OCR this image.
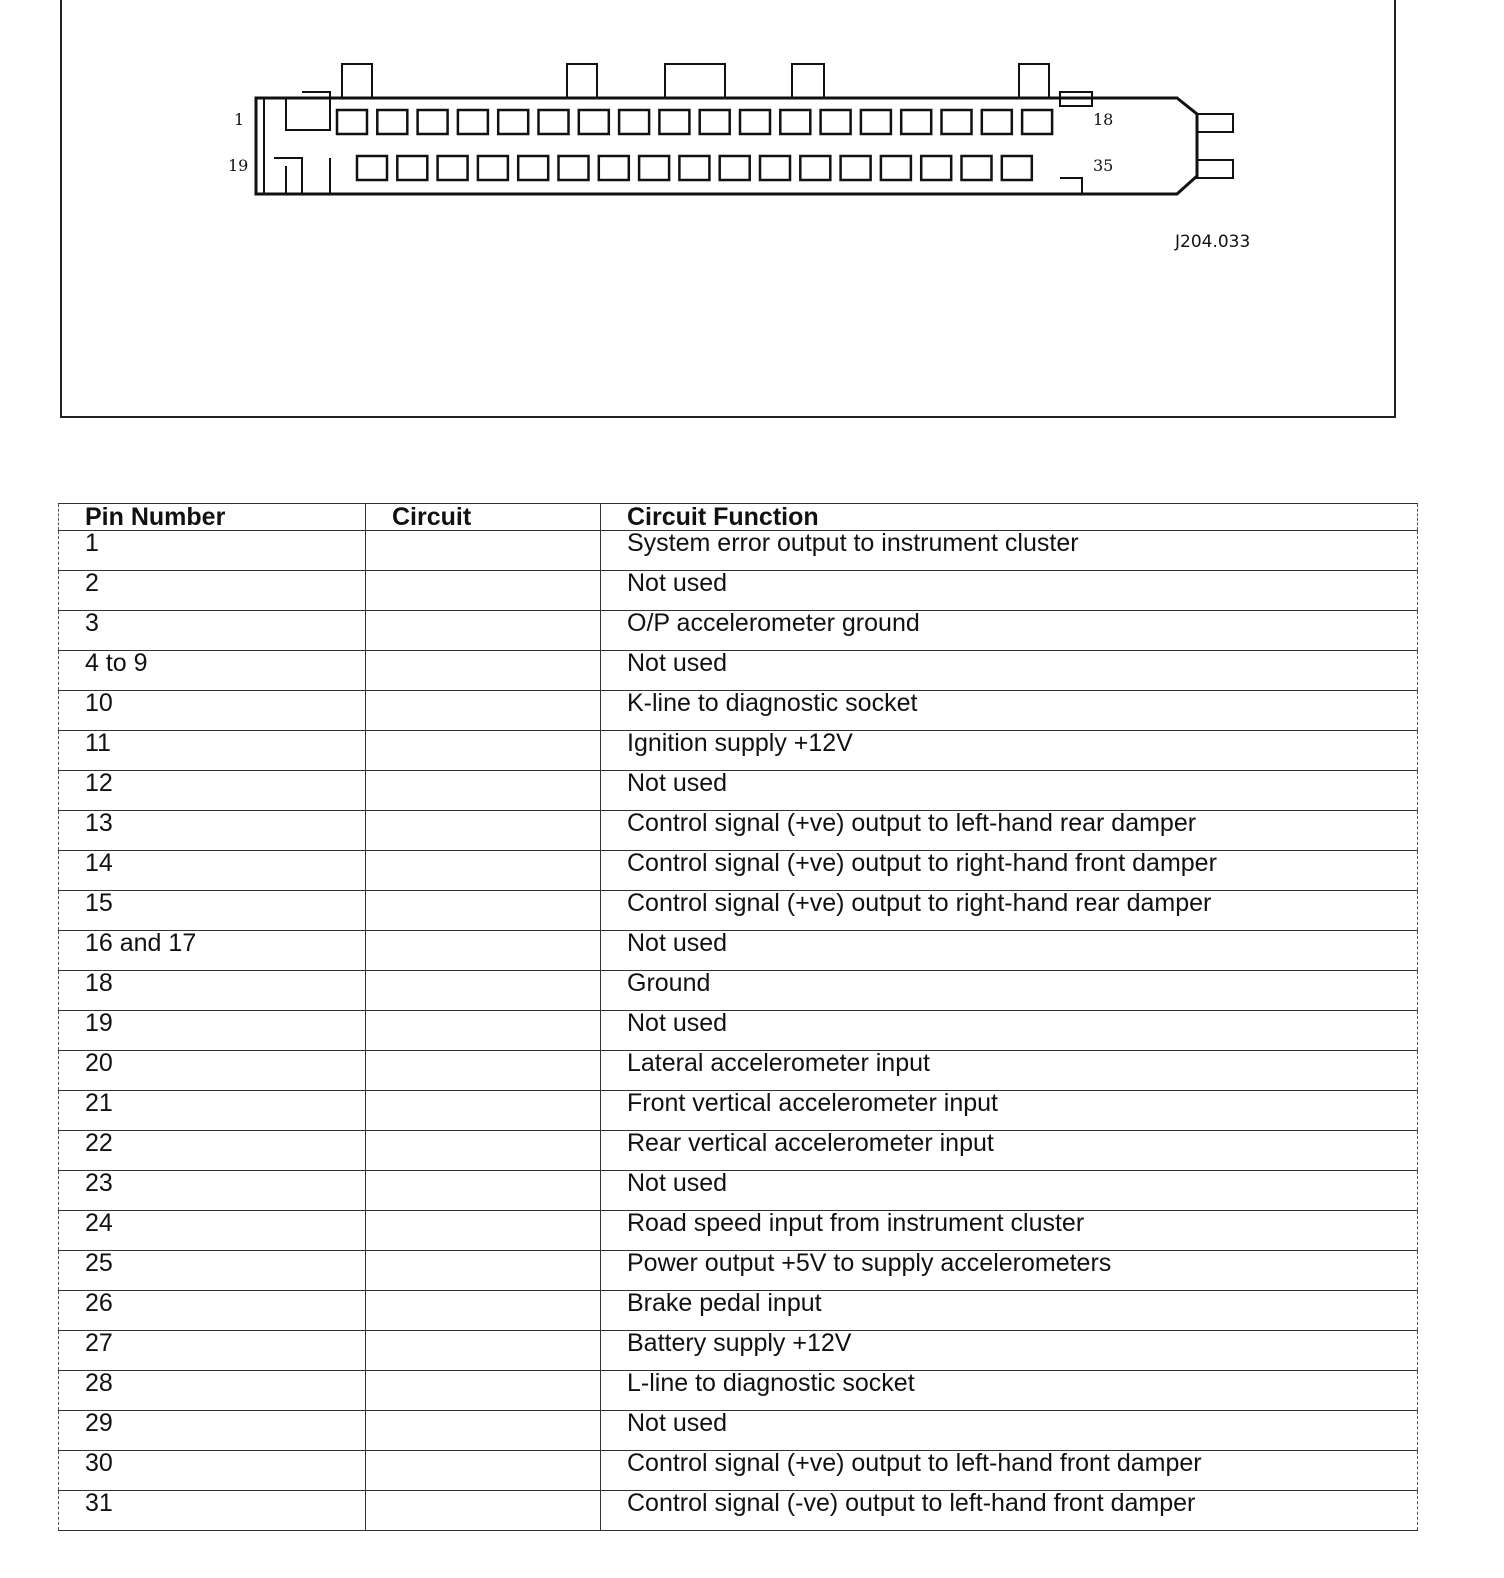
1
19
18
35
J204.033
Pin Number	Circuit	Circuit Function
1		System error output to instrument cluster
2		Not used
3		O/P accelerometer ground
4 to 9		Not used
10		K-line to diagnostic socket
11		Ignition supply +12V
12		Not used
13		Control signal (+ve) output to left-hand rear damper
14		Control signal (+ve) output to right-hand front damper
15		Control signal (+ve) output to right-hand rear damper
16 and 17		Not used
18		Ground
19		Not used
20		Lateral accelerometer input
21		Front vertical accelerometer input
22		Rear vertical accelerometer input
23		Not used
24		Road speed input from instrument cluster
25		Power output +5V to supply accelerometers
26		Brake pedal input
27		Battery supply +12V
28		L-line to diagnostic socket
29		Not used
30		Control signal (+ve) output to left-hand front damper
31		Control signal (-ve) output to left-hand front damper
